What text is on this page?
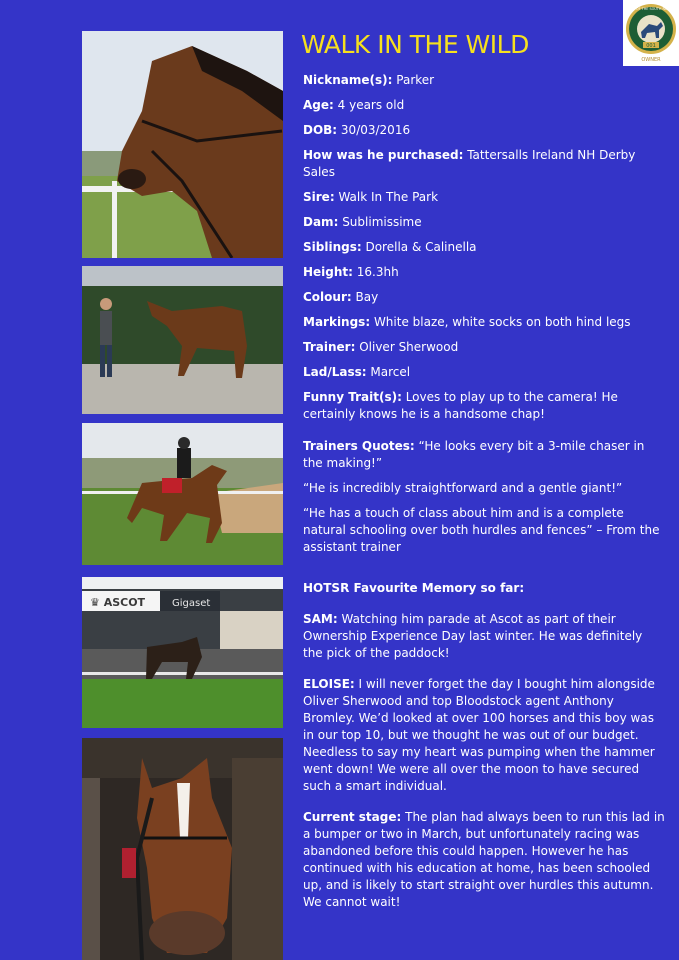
♛ ASCOT	Gigaset
001
OWNER
PART OF THE SOUTH RACING
WALK IN THE WILD

Nickname(s): Parker

Age: 4 years old

DOB: 30/03/2016

How was he purchased: Tattersalls Ireland NH Derby Sales

Sire: Walk In The Park

Dam: Sublimissime

Siblings: Dorella & Calinella

Height: 16.3hh

Colour: Bay

Markings: White blaze, white socks on both hind legs

Trainer: Oliver Sherwood

Lad/Lass: Marcel

Funny Trait(s): Loves to play up to the camera! He certainly knows he is a handsome chap!

Trainers Quotes: “He looks every bit a 3-mile chaser in the making!”

“He is incredibly straightforward and a gentle giant!”

“He has a touch of class about him and is a complete natural schooling over both hurdles and fences” – From the assistant trainer

HOTSR Favourite Memory so far:

SAM: Watching him parade at Ascot as part of their Ownership Experience Day last winter. He was definitely the pick of the paddock!

ELOISE: I will never forget the day I bought him alongside Oliver Sherwood and top Bloodstock agent Anthony Bromley. We’d looked at over 100 horses and this boy was in our top 10, but we thought he was out of our budget. Needless to say my heart was pumping when the hammer went down! We were all over the moon to have secured such a smart individual.

Current stage: The plan had always been to run this lad in a bumper or two in March, but unfortunately racing was abandoned before this could happen. However he has continued with his education at home, has been schooled up, and is likely to start straight over hurdles this autumn. We cannot wait!
